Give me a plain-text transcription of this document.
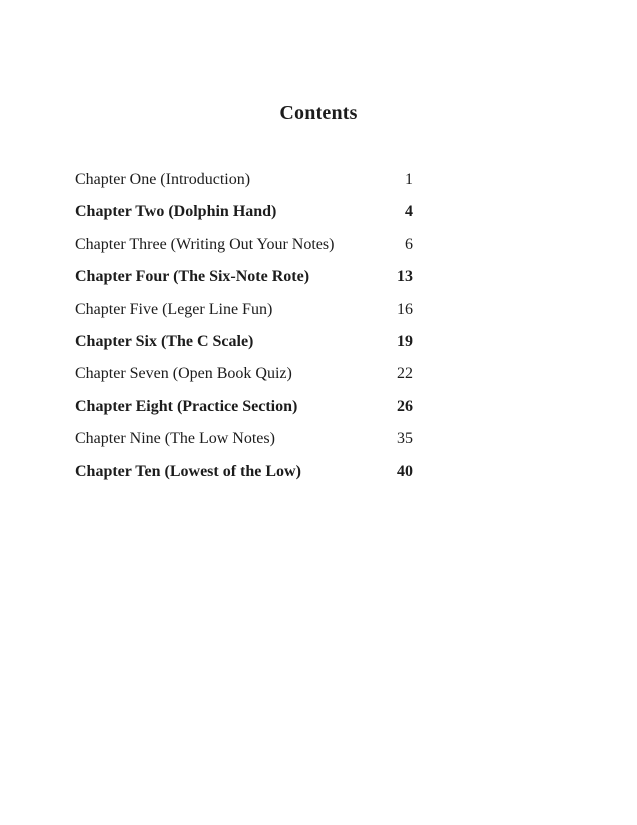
Contents
Chapter One (Introduction)	1
Chapter Two (Dolphin Hand)	4
Chapter Three (Writing Out Your Notes)	6
Chapter Four (The Six-Note Rote)	13
Chapter Five (Leger Line Fun)	16
Chapter Six (The C Scale)	19
Chapter Seven (Open Book Quiz)	22
Chapter Eight (Practice Section)	26
Chapter Nine (The Low Notes)	35
Chapter Ten (Lowest of the Low)	40
